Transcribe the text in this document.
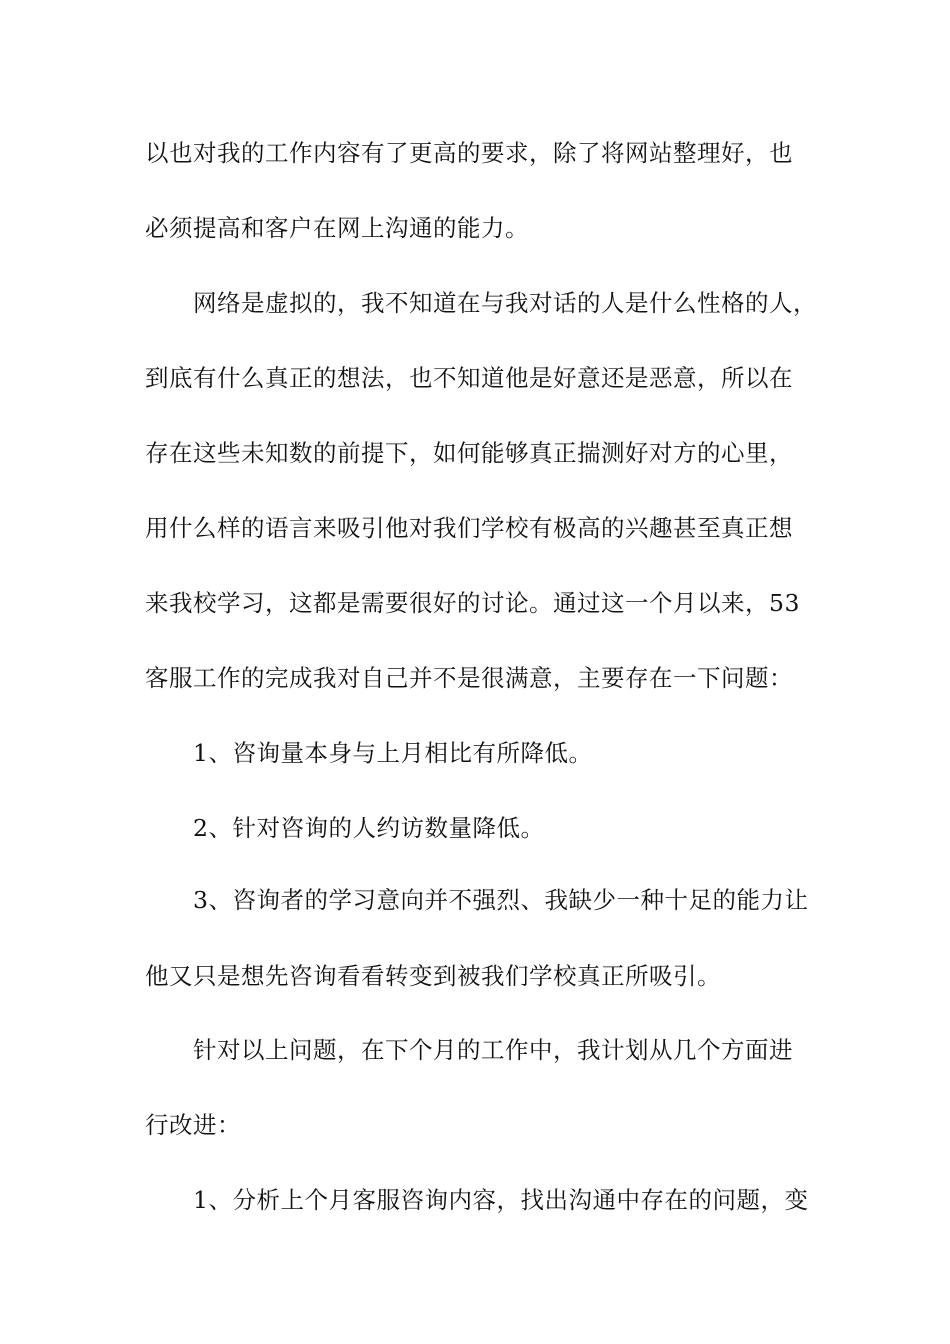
以也对我的工作内容有了更高的要求，除了将网站整理好，也
必须提高和客户在网上沟通的能力。
网络是虚拟的，我不知道在与我对话的人是什么性格的人，
到底有什么真正的想法，也不知道他是好意还是恶意，所以在
存在这些未知数的前提下，如何能够真正揣测好对方的心里，
用什么样的语言来吸引他对我们学校有极高的兴趣甚至真正想
来我校学习，这都是需要很好的讨论。通过这一个月以来，53
客服工作的完成我对自己并不是很满意，主要存在一下问题：
1、咨询量本身与上月相比有所降低。
2、针对咨询的人约访数量降低。
3、咨询者的学习意向并不强烈、我缺少一种十足的能力让
他又只是想先咨询看看转变到被我们学校真正所吸引。
针对以上问题，在下个月的工作中，我计划从几个方面进
行改进：
1、分析上个月客服咨询内容，找出沟通中存在的问题，变
